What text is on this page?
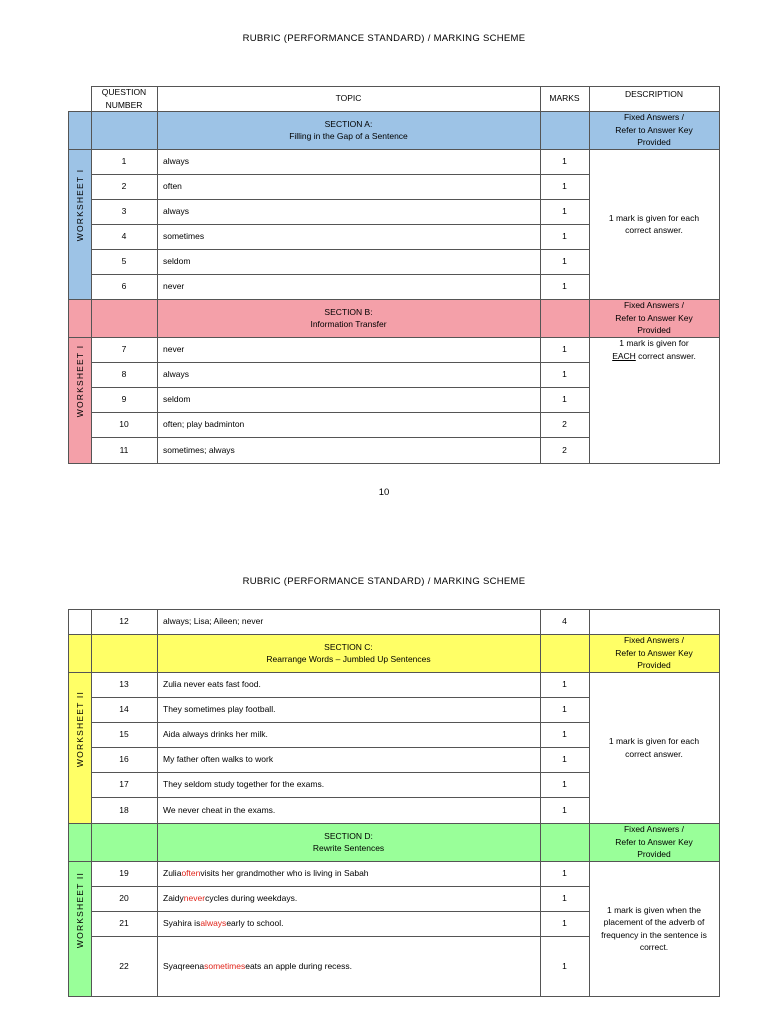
RUBRIC (PERFORMANCE STANDARD) / MARKING SCHEME
QUESTION
NUMBER
TOPIC	MARKS	DESCRIPTION
WORKSHEET I
WORKSHEET I
SECTION A:
Filling in the Gap of a Sentence
Fixed Answers /
Refer to Answer Key
Provided
1	always	1
2	often	1
3	always	1
4	sometimes	1
5	seldom	1
6	never	1
1 mark is given for each correct answer.
SECTION B:
Information Transfer
Fixed Answers /
Refer to Answer Key
Provided
7	never	1
8	always	1
9	seldom	1
10	often; play badminton	2
11	sometimes; always	2
1 mark is given for
EACH correct answer.
10
RUBRIC (PERFORMANCE STANDARD) / MARKING SCHEME
12	always; Lisa; Aileen; never	4
WORKSHEET II
WORKSHEET II
SECTION C:
Rearrange Words – Jumbled Up Sentences
Fixed Answers /
Refer to Answer Key
Provided
13	Zulia never eats fast food.	1
14	They sometimes play football.	1
15	Aida always drinks her milk.	1
16	My father often walks to work	1
17	They seldom study together for the exams.	1
18	We never cheat in the exams.	1
1 mark is given for each correct answer.
SECTION D:
Rewrite Sentences
Fixed Answers /
Refer to Answer Key
Provided
19	Zulia often visits her grandmother who is living in Sabah	1
20	Zaidy never cycles during weekdays.	1
21	Syahira is always early to school.	1
22	Syaqreena sometimes eats an apple during recess.	1
1 mark is given when the placement of the adverb of frequency in the sentence is correct.
